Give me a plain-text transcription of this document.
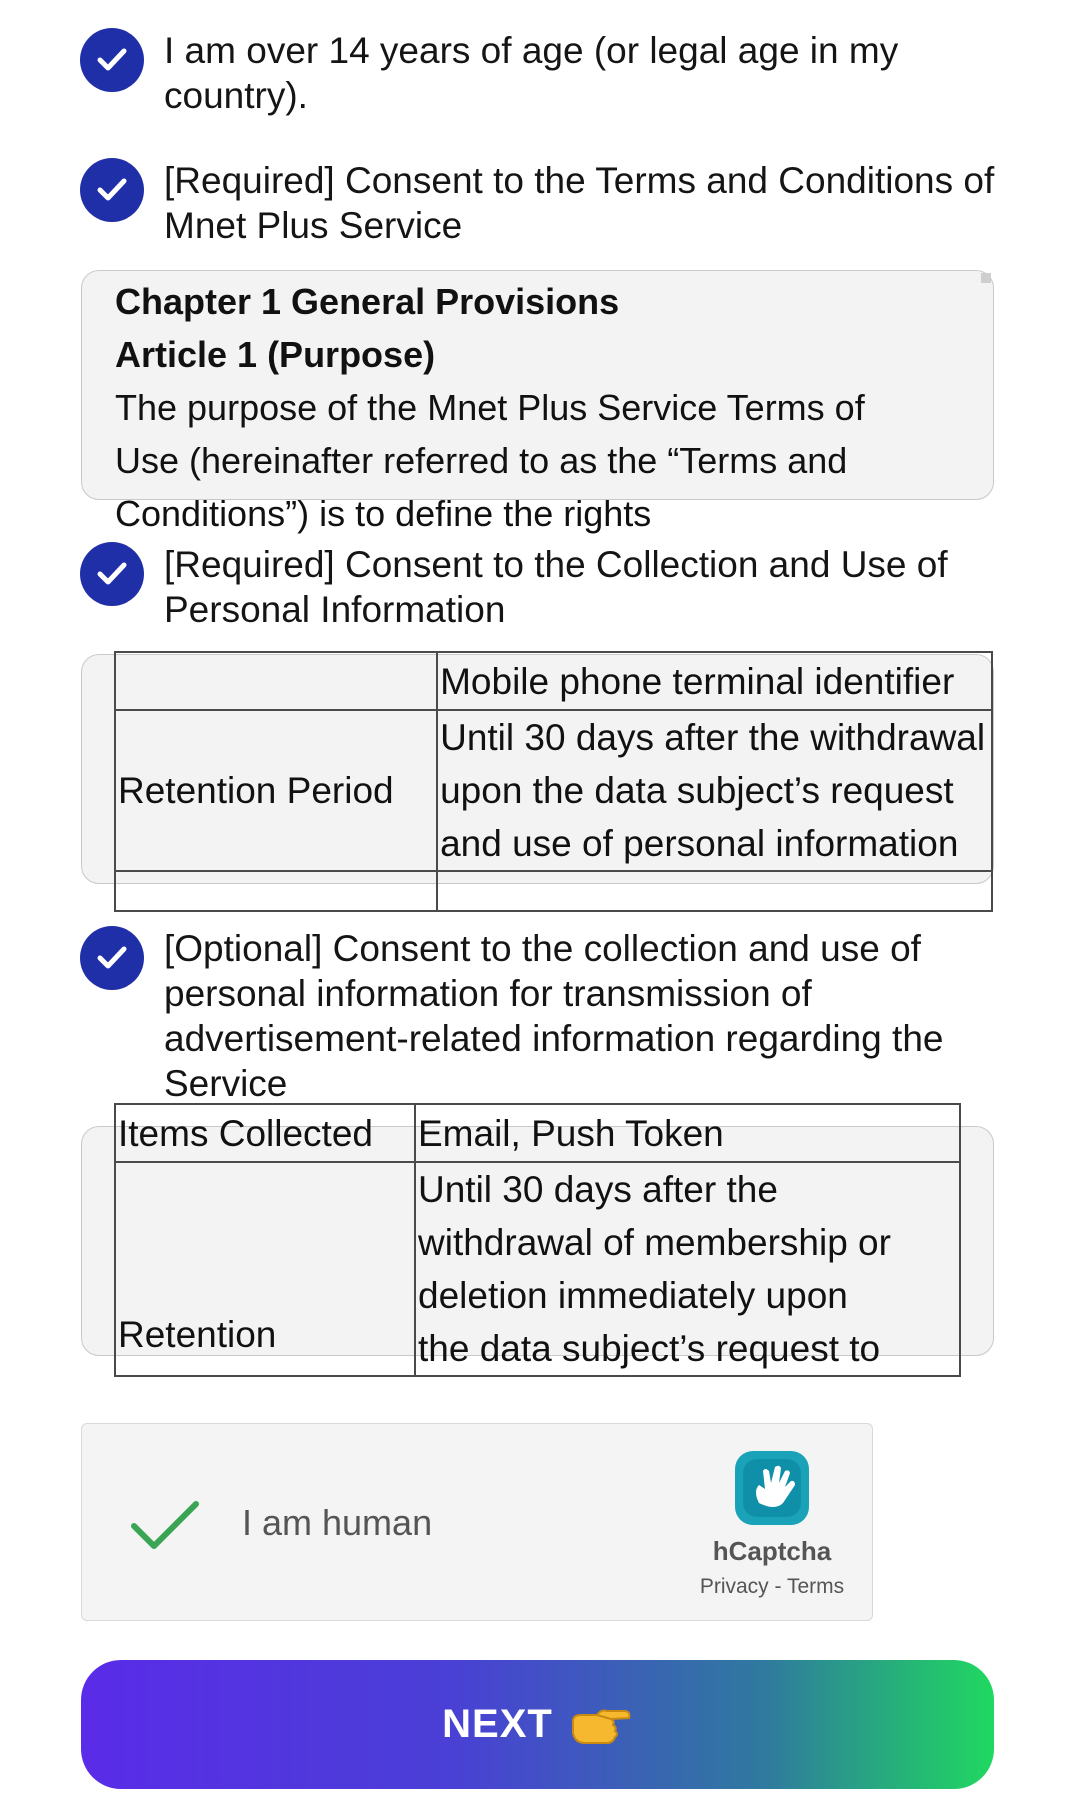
I am over 14 years of age (or legal age in my country).
[Required] Consent to the Terms and Conditions of Mnet Plus Service
Chapter 1 General Provisions
Article 1 (Purpose)
The purpose of the Mnet Plus Service Terms of
Use (hereinafter referred to as the “Terms and
Conditions”) is to define the rights
[Required] Consent to the Collection and Use of Personal Information
	Mobile phone terminal identifier
Retention Period	Until 30 days after the withdrawal
upon the data subject’s request
and use of personal information

[Optional] Consent to the collection and use of personal information for transmission of advertisement-related information regarding the Service
Items Collected	Email, Push Token
Retention	Until 30 days after the
withdrawal of membership or
deletion immediately upon
the data subject’s request to
I am human
hCaptcha
Privacy - Terms
NEXT
